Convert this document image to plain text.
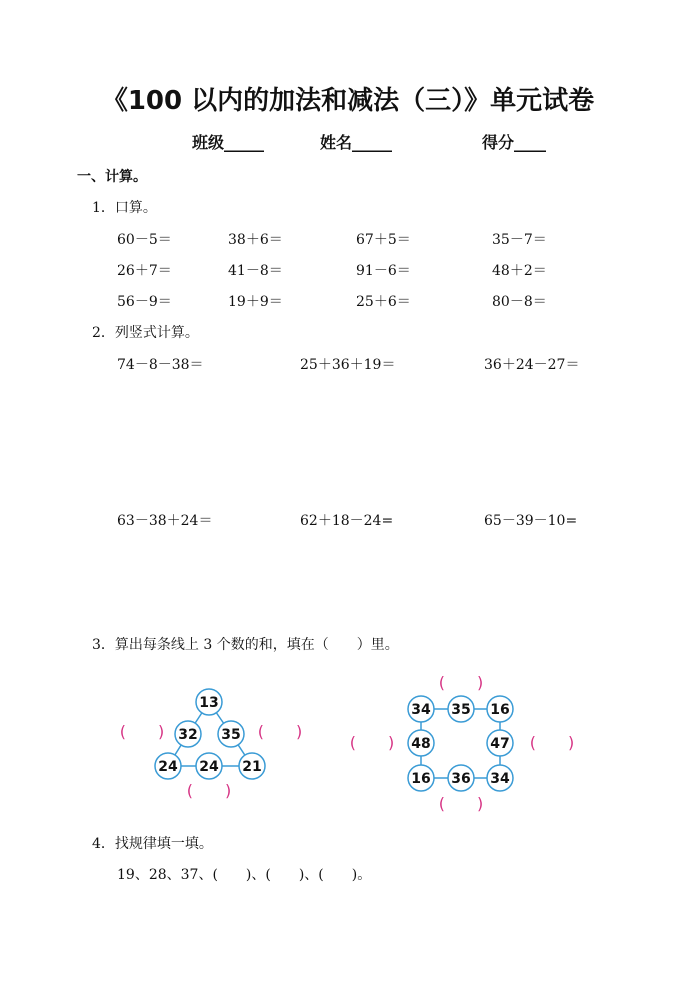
《100 以内的加法和减法（三）》单元试卷
班级_____	姓名_____	得分____
一、计算。
1．口算。
60－5＝	38＋6＝	67＋5＝	35－7＝
26＋7＝	41－8＝	91－6＝	48＋2＝
56－9＝	19＋9＝	25＋6＝	80－8＝
2．列竖式计算。
74－8－38＝	25＋36＋19＝	36＋24－27＝
63－38＋24＝	62＋18－24=	65－39－10=
3．算出每条线上 3 个数的和，填在（　　）里。
13
32 35
24 24 21
34 35 16
48	47
16 36 34
(　　)	(　　)
(　　)
(　　)
(　　)	(　　)
(　　)
4．找规律填一填。
19、28、37、(　　)、(　　)、(　　)。
